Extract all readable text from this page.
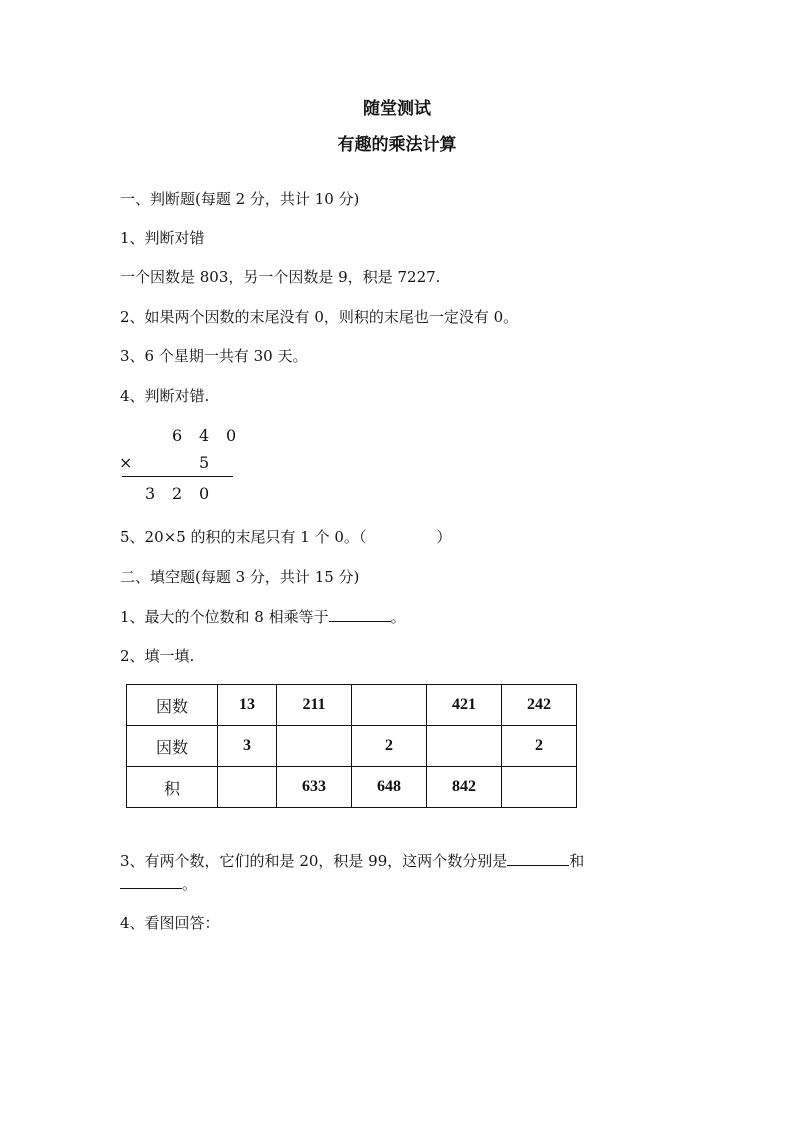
随堂测试
有趣的乘法计算
一、判断题(每题 2 分，共计 10 分)
1、判断对错
一个因数是 803，另一个因数是 9，积是 7227.
2、如果两个因数的末尾没有 0，则积的末尾也一定没有 0。
3、6 个星期一共有 30 天。
4、判断对错.
6 4 0
×	5
3 2 0
5、20×5 的积的末尾只有 1 个 0。（	）
二、填空题(每题 3 分，共计 15 分)
1、最大的个位数和 8 相乘等于	。
2、填一填.
因数	13	211		421	242
因数	3		2		2
积		633	648	842	
3、有两个数，它们的和是 20，积是 99，这两个数分别是	和
。
4、看图回答：
